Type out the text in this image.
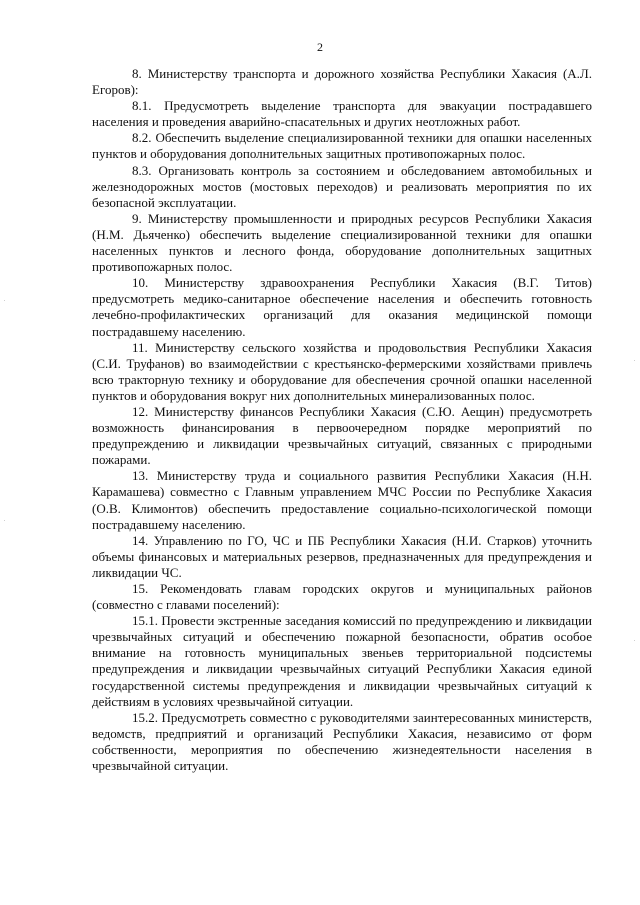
2

8. Министерству транспорта и дорожного хозяйства Республики Хакасия (А.Л. Егоров):

8.1. Предусмотреть выделение транспорта для эвакуации пострадавшего населения и проведения аварийно-спасательных и других неотложных работ.

8.2. Обеспечить выделение специализированной техники для опашки населенных пунктов и оборудования дополнительных защитных противопожарных полос.

8.3. Организовать контроль за состоянием и обследованием автомобильных и железнодорожных мостов (мостовых переходов) и реализовать мероприятия по их безопасной эксплуатации.

9. Министерству промышленности и природных ресурсов Республики Хакасия (Н.М. Дьяченко) обеспечить выделение специализированной техники для опашки населенных пунктов и лесного фонда, оборудование дополнительных защитных противопожарных полос.

10. Министерству здравоохранения Республики Хакасия (В.Г. Титов) предусмотреть медико-санитарное обеспечение населения и обеспечить готовность лечебно-профилактических организаций для оказания медицинской помощи пострадавшему населению.

11. Министерству сельского хозяйства и продовольствия Республики Хакасия (С.И. Труфанов) во взаимодействии с крестьянско-фермерскими хозяйствами привлечь всю тракторную технику и оборудование для обеспечения срочной опашки населенной пунктов и оборудования вокруг них дополнительных минерализованных полос.

12. Министерству финансов Республики Хакасия (С.Ю. Аещин) предусмотреть возможность финансирования в первоочередном порядке мероприятий по предупреждению и ликвидации чрезвычайных ситуаций, связанных с природными пожарами.

13. Министерству труда и социального развития Республики Хакасия (Н.Н. Карамашева) совместно с Главным управлением МЧС России по Республике Хакасия (О.В. Климонтов) обеспечить предоставление социально-психологической помощи пострадавшему населению.

14. Управлению по ГО, ЧС и ПБ Республики Хакасия (Н.И. Старков) уточнить объемы финансовых и материальных резервов, предназначенных для предупреждения и ликвидации ЧС.

15. Рекомендовать главам городских округов и муниципальных районов (совместно с главами поселений):

15.1. Провести экстренные заседания комиссий по предупреждению и ликвидации чрезвычайных ситуаций и обеспечению пожарной безопасности, обратив особое внимание на готовность муниципальных звеньев территориальной подсистемы предупреждения и ликвидации чрезвычайных ситуаций Республики Хакасия единой государственной системы предупреждения и ликвидации чрезвычайных ситуаций к действиям в условиях чрезвычайной ситуации.

15.2. Предусмотреть совместно с руководителями заинтересованных министерств, ведомств, предприятий и организаций Республики Хакасия, независимо от форм собственности, мероприятия по обеспечению жизнедеятельности населения в чрезвычайной ситуации.
